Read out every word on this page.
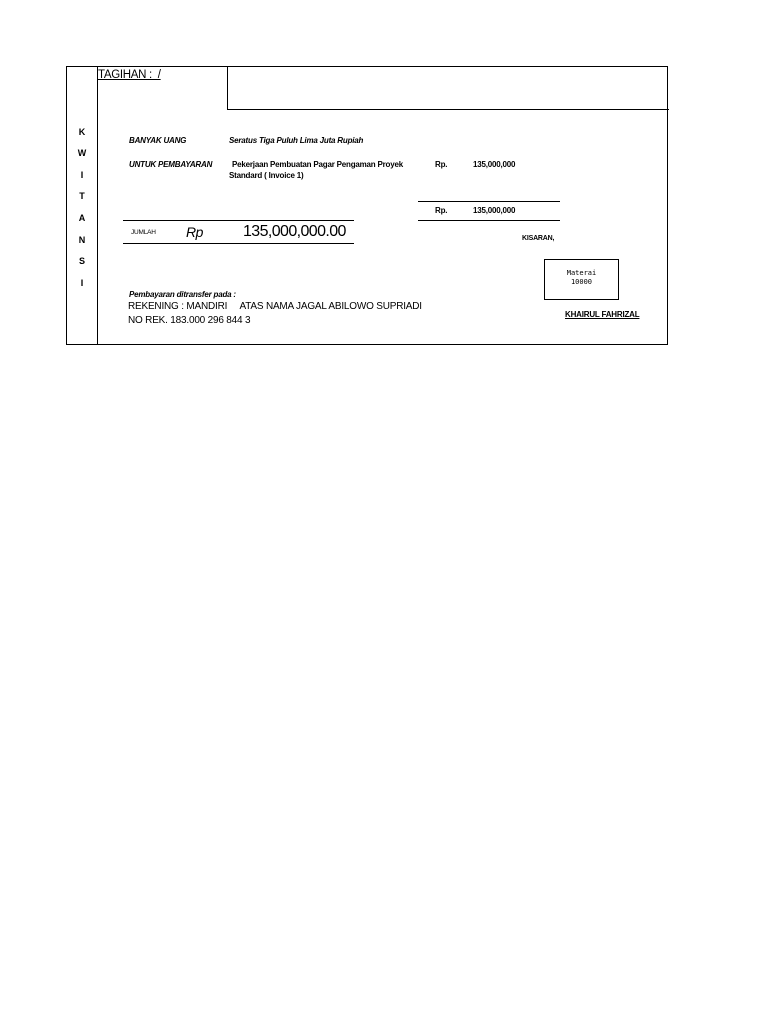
K
W
I
T
A
N
S
I
TAGIHAN :  /
BANYAK UANG	Seratus Tiga Puluh Lima Juta Rupiah
UNTUK PEMBAYARAN Pekerjaan Pembuatan Pagar Pengaman Proyek
Standard ( Invoice 1)
Rp.	135,000,000
Rp.	135,000,000
JUMLAH Rp	135,000,000.00	KISARAN,
Materai
10000
Pembayaran ditransfer pada :
REKENING : MANDIRI     ATAS NAMA JAGAL ABILOWO SUPRIADI
NO REK. 183.000 296 844 3
KHAIRUL FAHRIZAL
